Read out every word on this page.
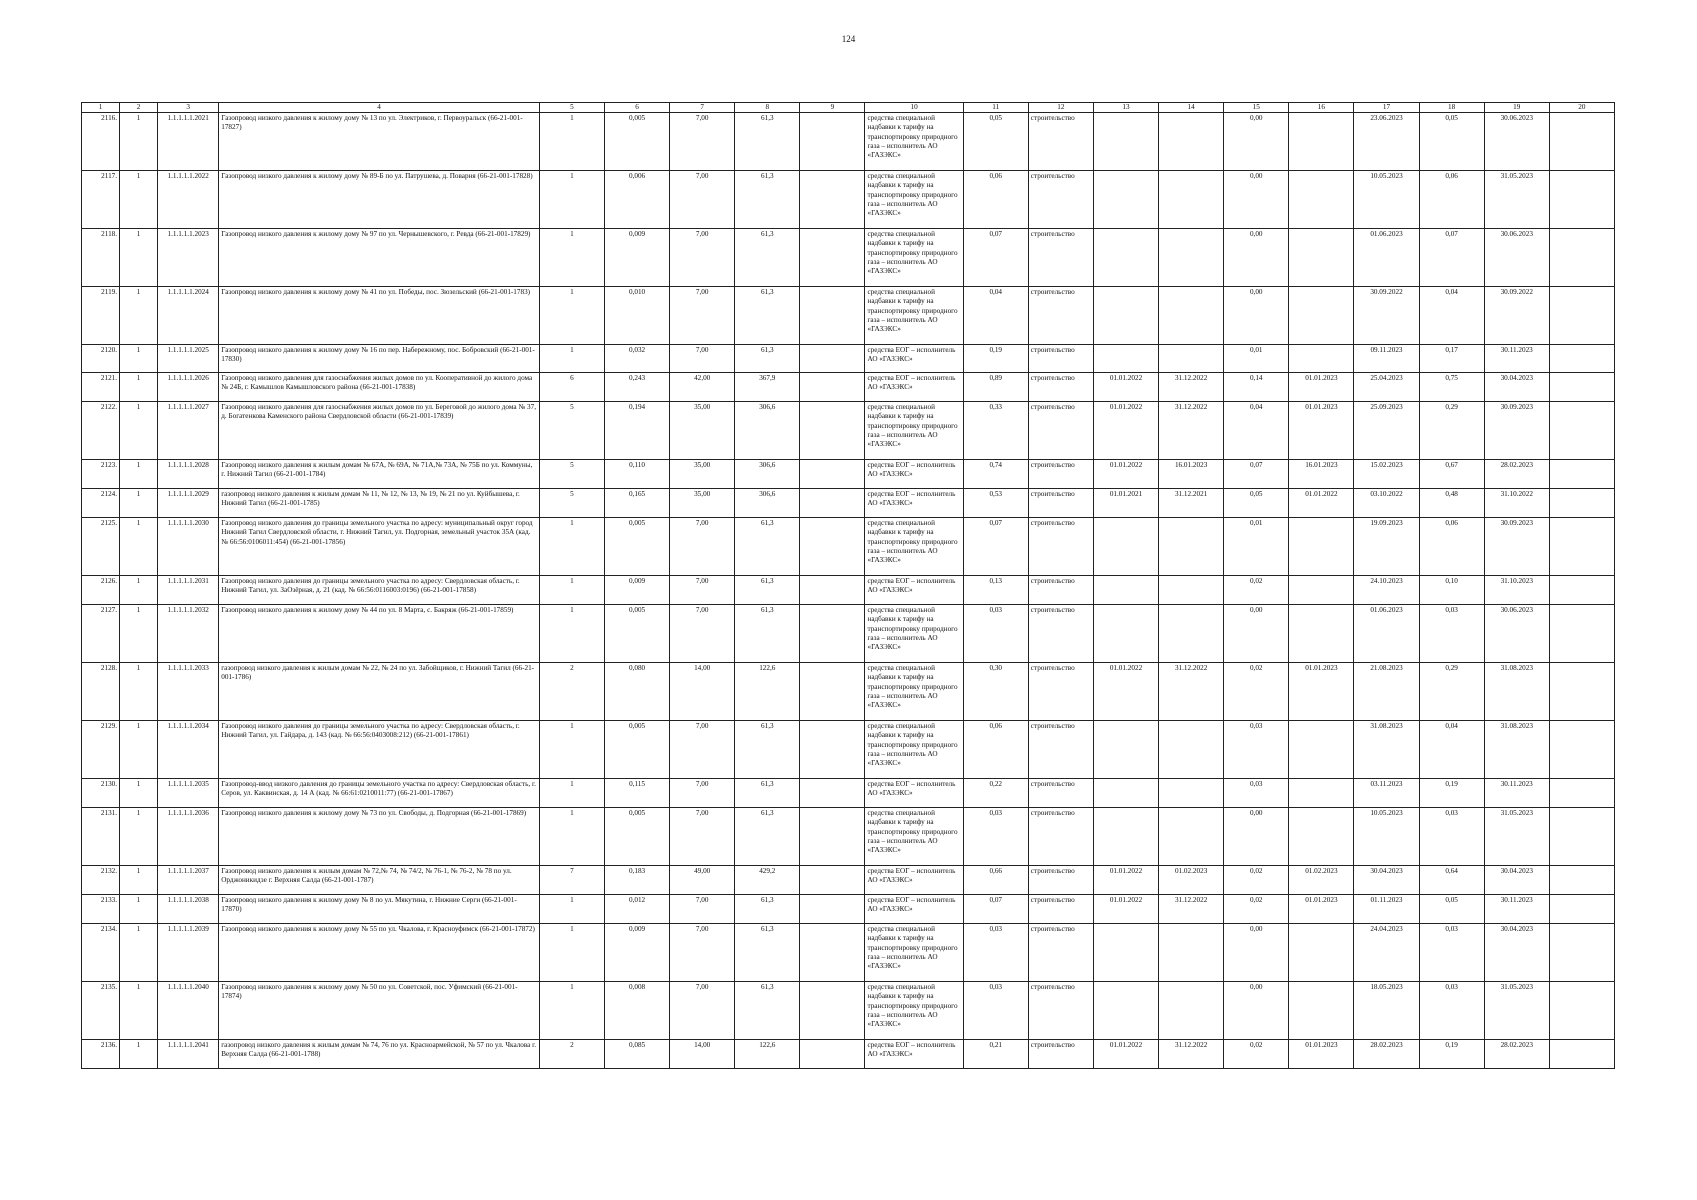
124
1	2	3	4	5	6	7	8	9	10	11	12	13	14	15	16	17	18	19	20
2116.	1	1.1.1.1.1.2021	Газопровод низкого давления к жилому дому № 13 по ул. Электриков, г. Первоуральск (66-21-001-17827)	1	0,005	7,00	61,3		средства специальной надбавки к тарифу на транспортировку природного газа – исполнитель АО «ГАЗЭКС»	0,05	строительство			0,00		23.06.2023	0,05	30.06.2023	
2117.	1	1.1.1.1.1.2022	Газопровод низкого давления к жилому дому № 89-Б по ул. Патрушева, д. Поварня (66-21-001-17828)	1	0,006	7,00	61,3		средства специальной надбавки к тарифу на транспортировку природного газа – исполнитель АО «ГАЗЭКС»	0,06	строительство			0,00		10.05.2023	0,06	31.05.2023	
2118.	1	1.1.1.1.1.2023	Газопровод низкого давления к жилому дому № 97 по ул. Чернышевского, г. Ревда (66-21-001-17829)	1	0,009	7,00	61,3		средства специальной надбавки к тарифу на транспортировку природного газа – исполнитель АО «ГАЗЭКС»	0,07	строительство			0,00		01.06.2023	0,07	30.06.2023	
2119.	1	1.1.1.1.1.2024	Газопровод низкого давления к жилому дому № 41 по ул. Победы, пос. Зюзельский (66-21-001-1783)	1	0,010	7,00	61,3		средства специальной надбавки к тарифу на транспортировку природного газа – исполнитель АО «ГАЗЭКС»	0,04	строительство			0,00		30.09.2022	0,04	30.09.2022	
2120.	1	1.1.1.1.1.2025	Газопровод низкого давления к жилому дому № 16 по пер. Набережному, пос. Бобровский (66-21-001-17830)	1	0,032	7,00	61,3		средства ЕОГ – исполнитель АО «ГАЗЭКС»	0,19	строительство			0,01		09.11.2023	0,17	30.11.2023	
2121.	1	1.1.1.1.1.2026	Газопровод низкого давления для газоснабжения жилых домов по ул. Кооперативной до жилого дома № 24Б, г. Камышлов Камышловского района (66-21-001-17838)	6	0,243	42,00	367,9		средства ЕОГ – исполнитель АО «ГАЗЭКС»	0,89	строительство	01.01.2022	31.12.2022	0,14	01.01.2023	25.04.2023	0,75	30.04.2023	
2122.	1	1.1.1.1.1.2027	Газопровод низкого давления для газоснабжения жилых домов по ул. Береговой до жилого дома № 37, д. Богатенкова Каменского района Свердловской области (66-21-001-17839)	5	0,194	35,00	306,6		средства специальной надбавки к тарифу на транспортировку природного газа – исполнитель АО «ГАЗЭКС»	0,33	строительство	01.01.2022	31.12.2022	0,04	01.01.2023	25.09.2023	0,29	30.09.2023	
2123.	1	1.1.1.1.1.2028	Газопровод низкого давления к жилым домам № 67А, № 69А, № 71А,№ 73А, № 75Б по ул. Коммуны, г. Нижний Тагил (66-21-001-1784)	5	0,110	35,00	306,6		средства ЕОГ – исполнитель АО «ГАЗЭКС»	0,74	строительство	01.01.2022	16.01.2023	0,07	16.01.2023	15.02.2023	0,67	28.02.2023	
2124.	1	1.1.1.1.1.2029	газопровод низкого давления к жилым домам № 11, № 12, № 13, № 19, № 21 по ул. Куйбышева, г. Нижний Тагил (66-21-001-1785)	5	0,165	35,00	306,6		средства ЕОГ – исполнитель АО «ГАЗЭКС»	0,53	строительство	01.01.2021	31.12.2021	0,05	01.01.2022	03.10.2022	0,48	31.10.2022	
2125.	1	1.1.1.1.1.2030	Газопровод низкого давления до границы земельного участка по адресу: муниципальный округ город Нижний Тагил Свердловской области, г. Нижний Тагил, ул. Подгорная, земельный участок 35А (кад. № 66:56:0106011:454) (66-21-001-17856)	1	0,005	7,00	61,3		средства специальной надбавки к тарифу на транспортировку природного газа – исполнитель АО «ГАЗЭКС»	0,07	строительство			0,01		19.09.2023	0,06	30.09.2023	
2126.	1	1.1.1.1.1.2031	Газопровод низкого давления до границы земельного участка по адресу: Свердловская область, г. Нижний Тагил, ул. ЗаОзёрная, д. 21 (кад. № 66:56:0116003:0196) (66-21-001-17858)	1	0,009	7,00	61,3		средства ЕОГ – исполнитель АО «ГАЗЭКС»	0,13	строительство			0,02		24.10.2023	0,10	31.10.2023	
2127.	1	1.1.1.1.1.2032	Газопровод низкого давления к жилому дому № 44 по ул. 8 Марта, с. Бакряж (66-21-001-17859)	1	0,005	7,00	61,3		средства специальной надбавки к тарифу на транспортировку природного газа – исполнитель АО «ГАЗЭКС»	0,03	строительство			0,00		01.06.2023	0,03	30.06.2023	
2128.	1	1.1.1.1.1.2033	газопровод низкого давления к жилым домам № 22, № 24 по ул. Забойщиков, г. Нижний Тагил (66-21-001-1786)	2	0,080	14,00	122,6		средства специальной надбавки к тарифу на транспортировку природного газа – исполнитель АО «ГАЗЭКС»	0,30	строительство	01.01.2022	31.12.2022	0,02	01.01.2023	21.08.2023	0,29	31.08.2023	
2129.	1	1.1.1.1.1.2034	Газопровод низкого давления до границы земельного участка по адресу: Свердловская область, г. Нижний Тагил, ул. Гайдара, д. 143 (кад. № 66:56:0403008:212) (66-21-001-17861)	1	0,005	7,00	61,3		средства специальной надбавки к тарифу на транспортировку природного газа – исполнитель АО «ГАЗЭКС»	0,06	строительство			0,03		31.08.2023	0,04	31.08.2023	
2130.	1	1.1.1.1.1.2035	Газопровод-ввод низкого давления до границы земельного участка по адресу: Свердловская область, г. Серов, ул. Каквинская, д. 14 А (кад. № 66:61:0210011:77) (66-21-001-17867)	1	0,115	7,00	61,3		средства ЕОГ – исполнитель АО «ГАЗЭКС»	0,22	строительство			0,03		03.11.2023	0,19	30.11.2023	
2131.	1	1.1.1.1.1.2036	Газопровод низкого давления к жилому дому № 73 по ул. Свободы, д. Подгорная (66-21-001-17869)	1	0,005	7,00	61,3		средства специальной надбавки к тарифу на транспортировку природного газа – исполнитель АО «ГАЗЭКС»	0,03	строительство			0,00		10.05.2023	0,03	31.05.2023	
2132.	1	1.1.1.1.1.2037	Газопровод низкого давления к жилым домам № 72,№ 74, № 74/2, № 76-1, № 76-2, № 78 по ул. Орджоникидзе г. Верхняя Салда (66-21-001-1787)	7	0,183	49,00	429,2		средства ЕОГ – исполнитель АО «ГАЗЭКС»	0,66	строительство	01.01.2022	01.02.2023	0,02	01.02.2023	30.04.2023	0,64	30.04.2023	
2133.	1	1.1.1.1.1.2038	Газопровод низкого давления к жилому дому № 8 по ул. Мякутина, г. Нижние Серги (66-21-001-17870)	1	0,012	7,00	61,3		средства ЕОГ – исполнитель АО «ГАЗЭКС»	0,07	строительство	01.01.2022	31.12.2022	0,02	01.01.2023	01.11.2023	0,05	30.11.2023	
2134.	1	1.1.1.1.1.2039	Газопровод низкого давления к жилому дому № 55 по ул. Чкалова, г. Красноуфимск (66-21-001-17872)	1	0,009	7,00	61,3		средства специальной надбавки к тарифу на транспортировку природного газа – исполнитель АО «ГАЗЭКС»	0,03	строительство			0,00		24.04.2023	0,03	30.04.2023	
2135.	1	1.1.1.1.1.2040	Газопровод низкого давления к жилому дому № 50 по ул. Советской, пос. Уфимский (66-21-001-17874)	1	0,008	7,00	61,3		средства специальной надбавки к тарифу на транспортировку природного газа – исполнитель АО «ГАЗЭКС»	0,03	строительство			0,00		18.05.2023	0,03	31.05.2023	
2136.	1	1.1.1.1.1.2041	газопровод низкого давления к жилым домам № 74, 76 по ул. Красноармейской, № 57 по ул. Чкалова г. Верхняя Салда (66-21-001-1788)	2	0,085	14,00	122,6		средства ЕОГ – исполнитель АО «ГАЗЭКС»	0,21	строительство	01.01.2022	31.12.2022	0,02	01.01.2023	28.02.2023	0,19	28.02.2023	
